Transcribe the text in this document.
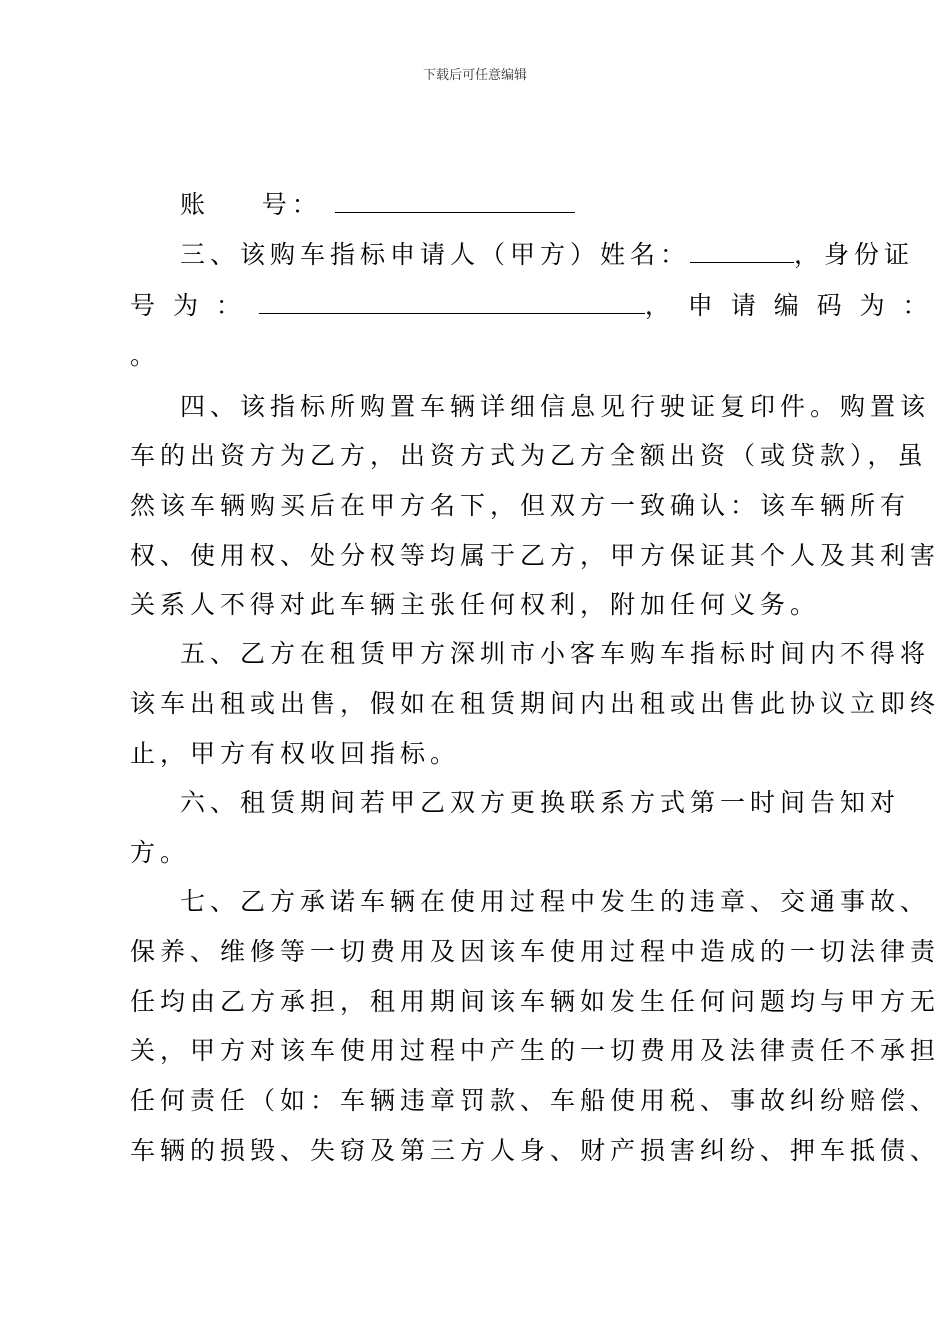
下载后可任意编辑
账    号：
三、该购车指标申请人（甲方）姓名：	，身份证
号 为 ：	， 申 请 编 码 为 ：
。
四、该指标所购置车辆详细信息见行驶证复印件。购置该
车的出资方为乙方，出资方式为乙方全额出资（或贷款），虽
然该车辆购买后在甲方名下，但双方一致确认：该车辆所有
权、使用权、处分权等均属于乙方，甲方保证其个人及其利害
关系人不得对此车辆主张任何权利，附加任何义务。
五、乙方在租赁甲方深圳市小客车购车指标时间内不得将
该车出租或出售，假如在租赁期间内出租或出售此协议立即终
止，甲方有权收回指标。
六、租赁期间若甲乙双方更换联系方式第一时间告知对
方。
七、乙方承诺车辆在使用过程中发生的违章、交通事故、
保养、维修等一切费用及因该车使用过程中造成的一切法律责
任均由乙方承担，租用期间该车辆如发生任何问题均与甲方无
关，甲方对该车使用过程中产生的一切费用及法律责任不承担
任何责任（如：车辆违章罚款、车船使用税、事故纠纷赔偿、
车辆的损毁、失窃及第三方人身、财产损害纠纷、押车抵债、
